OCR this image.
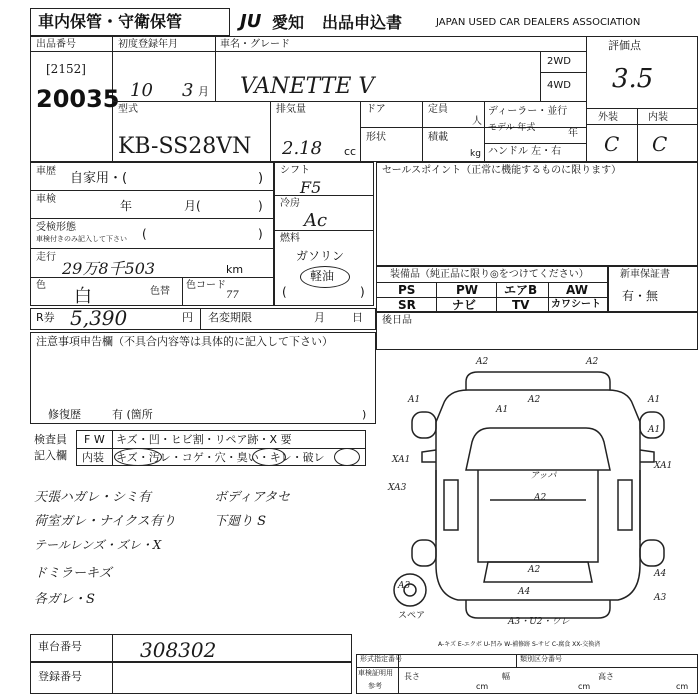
車内保管・守衛保管	JU 愛知 出品申込書	JAPAN USED CAR DEALERS ASSOCIATION
出品番号
[2152]
20035
初度登録年月
10 3 月
車名・グレード
VANETTE V
2WD
4WD
評価点
3.5
外装	内装
C C
型式
KB-SS28VN
排気量
2.18 cc
ドア
形状
定員
人
積載
kg
ディーラー・並行
モデル 年式	年
ハンドル 左・右
車歴 自家用・(	)
車検	年	月(	)
受検形態
車検付きのみ記入して下さい (	)
走行
29万8千503	km
色
白	色替
色コード
77
シフト
F5
冷房
Ac
燃料
ガソリン
軽油
(	)
セールスポイント（正常に機能するものに限ります）
装備品（純正品に限り◎をつけてください）
PS	PW エアB AW
SR	ナビ	TV カワシート
新車保証書
有・無
R券 5,390	円 名変期限	月 日 後日品
注意事項申告欄（不具合内容等は具体的に記入して下さい）
修復歴	有 (箇所	)
検査員
記入欄
F W キズ・凹・ヒビ割・リペア跡・X 要
内装 キズ・汚レ・コゲ・穴・臭い・キレ・破レ
天張ハガレ・シミ有
荷室ガレ・ナイクス有り
テールレンズ・ズレ・X
ドミラーキズ
各ガレ・S
ボディアタセ
下廻り S
A2	A2
A1	A2
A1
A1
A1
XA1
XA1
XA3
アッパ
A2
A2
A4
A4
A3
A3
A3・U2・ワレ
スペア
A-キズ E-エクボ U-凹み W-補修跡 S-サビ C-腐食 XX-交換済
車台番号	308302
登録番号	車検証明用
参考
形式指定番号	類別区分番号
長さ
cm
幅
cm
高さ
cm
